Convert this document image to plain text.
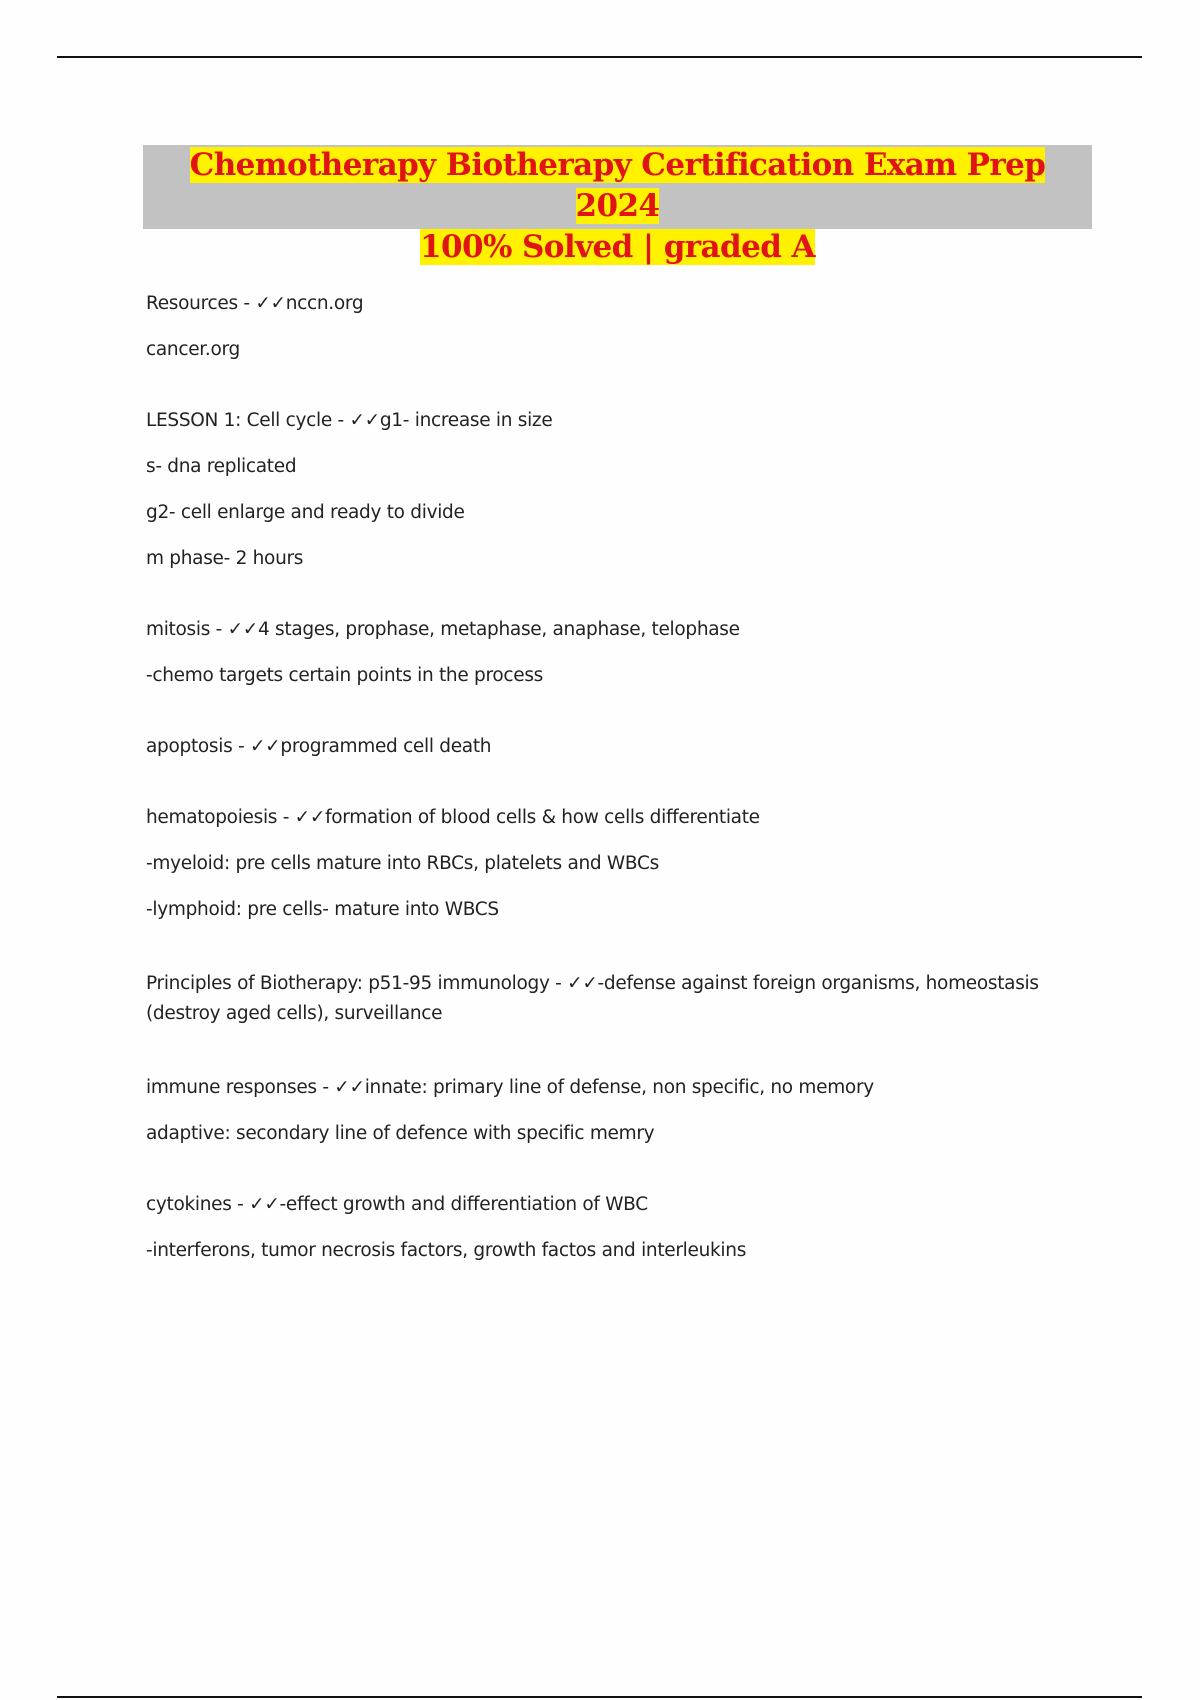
Chemotherapy Biotherapy Certification Exam Prep 2024
100% Solved | graded A
Resources - ✓✓nccn.org
cancer.org
LESSON 1: Cell cycle - ✓✓g1- increase in size
s- dna replicated
g2- cell enlarge and ready to divide
m phase- 2 hours
mitosis - ✓✓4 stages, prophase, metaphase, anaphase, telophase
-chemo targets certain points in the process
apoptosis - ✓✓programmed cell death
hematopoiesis - ✓✓formation of blood cells & how cells differentiate
-myeloid: pre cells mature into RBCs, platelets and WBCs
-lymphoid: pre cells- mature into WBCS
Principles of Biotherapy: p51-95 immunology - ✓✓-defense against foreign organisms, homeostasis (destroy aged cells), surveillance
immune responses - ✓✓innate: primary line of defense, non specific, no memory
adaptive: secondary line of defence with specific memry
cytokines - ✓✓-effect growth and differentiation of WBC
-interferons, tumor necrosis factors, growth factos and interleukins
